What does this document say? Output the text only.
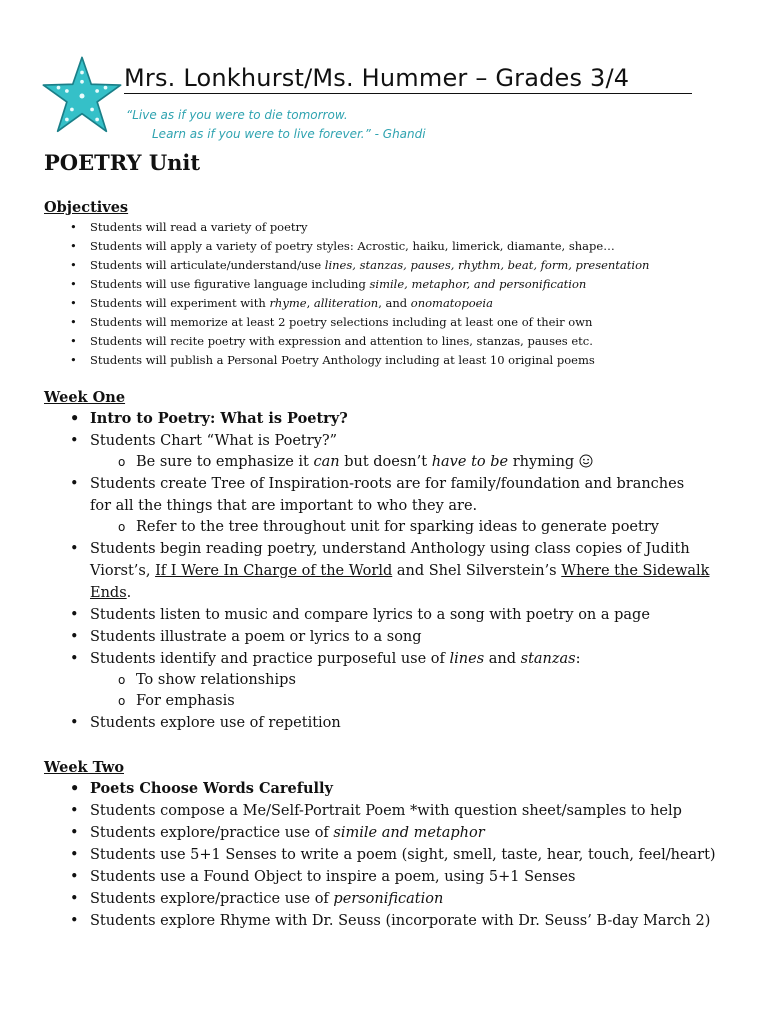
Mrs. Lonkhurst/Ms. Hummer – Grades 3/4
“Live as if you were to die tomorrow.
Learn as if you were to live forever.” - Ghandi
POETRY Unit

Objectives

• Students will read a variety of poetry
• Students will apply a variety of poetry styles: Acrostic, haiku, limerick, diamante, shape…
• Students will articulate/understand/use lines, stanzas, pauses, rhythm, beat, form, presentation
• Students will use figurative language including simile, metaphor, and personification
• Students will experiment with rhyme, alliteration, and onomatopoeia
• Students will memorize at least 2 poetry selections including at least one of their own
• Students will recite poetry with expression and attention to lines, stanzas, pauses etc.
• Students will publish a Personal Poetry Anthology including at least 10 original poems

Week One

• Intro to Poetry: What is Poetry?
• Students Chart “What is Poetry?”
o Be sure to emphasize it can but doesn’t have to be rhyming
• Students create Tree of Inspiration-roots are for family/foundation and branches
for all the things that are important to who they are.
o Refer to the tree throughout unit for sparking ideas to generate poetry
• Students begin reading poetry, understand Anthology using class copies of Judith
Viorst’s, If I Were In Charge of the World and Shel Silverstein’s Where the Sidewalk
Ends.
• Students listen to music and compare lyrics to a song with poetry on a page
• Students illustrate a poem or lyrics to a song
• Students identify and practice purposeful use of lines and stanzas:
o To show relationships
o For emphasis
• Students explore use of repetition

Week Two

• Poets Choose Words Carefully
• Students compose a Me/Self-Portrait Poem *with question sheet/samples to help
• Students explore/practice use of simile and metaphor
• Students use 5+1 Senses to write a poem (sight, smell, taste, hear, touch, feel/heart)
• Students use a Found Object to inspire a poem, using 5+1 Senses
• Students explore/practice use of personification
• Students explore Rhyme with Dr. Seuss (incorporate with Dr. Seuss’ B-day March 2)
